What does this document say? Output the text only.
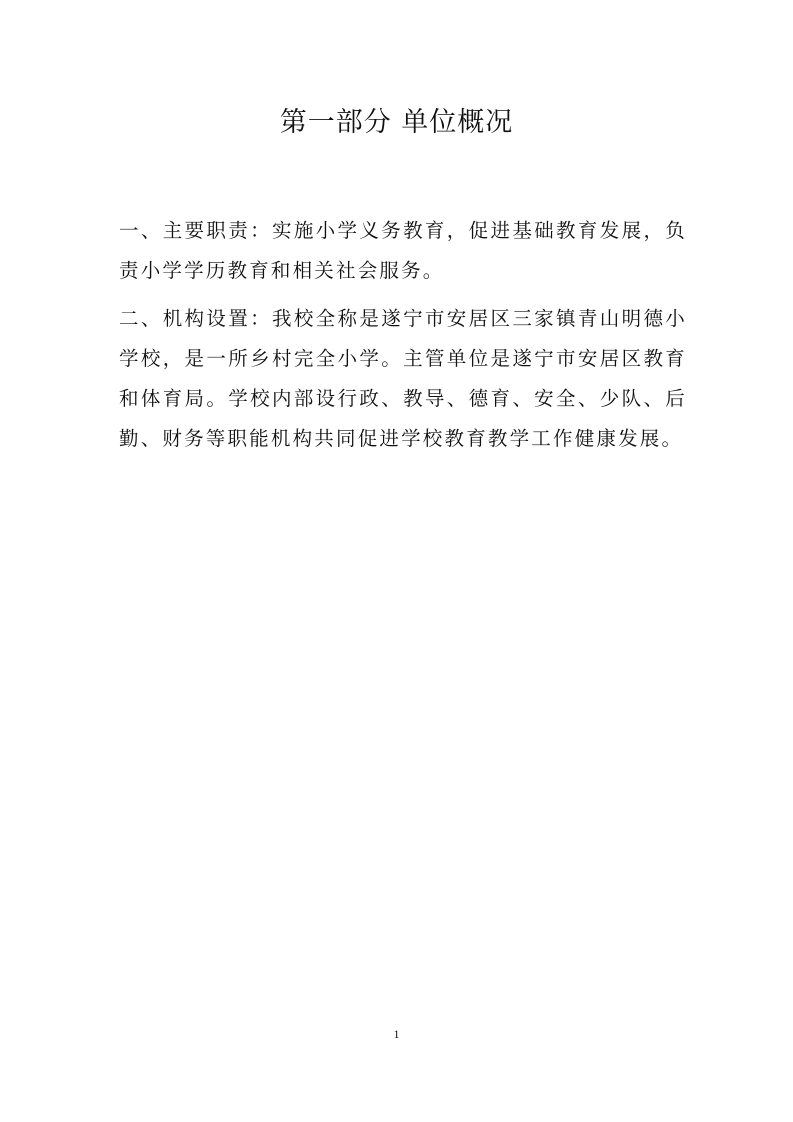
第一部分 单位概况

一、主要职责：实施小学义务教育，促进基础教育发展，负责小学学历教育和相关社会服务。

二、机构设置：我校全称是遂宁市安居区三家镇青山明德小学校，是一所乡村完全小学。主管单位是遂宁市安居区教育和体育局。学校内部设行政、教导、德育、安全、少队、后勤、财务等职能机构共同促进学校教育教学工作健康发展。

1
